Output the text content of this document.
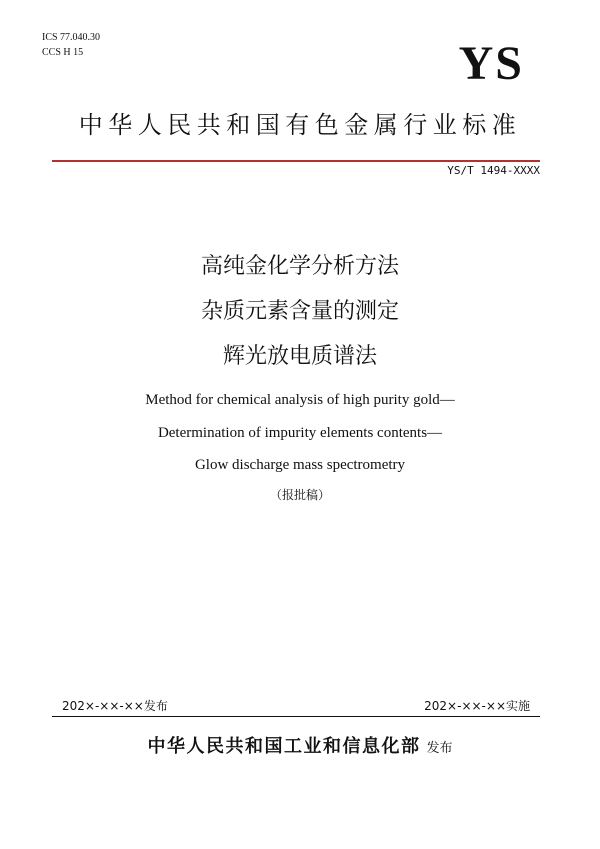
ICS 77.040.30
CCS H 15	YS
中华人民共和国有色金属行业标准
YS/T 1494-XXXX
高纯金化学分析方法
杂质元素含量的测定
辉光放电质谱法
Method for chemical analysis of high purity gold—
Determination of impurity elements contents—
Glow discharge mass spectrometry
（报批稿）
202×-××-××发布	202×-××-××实施
中华人民共和国工业和信息化部 发布
